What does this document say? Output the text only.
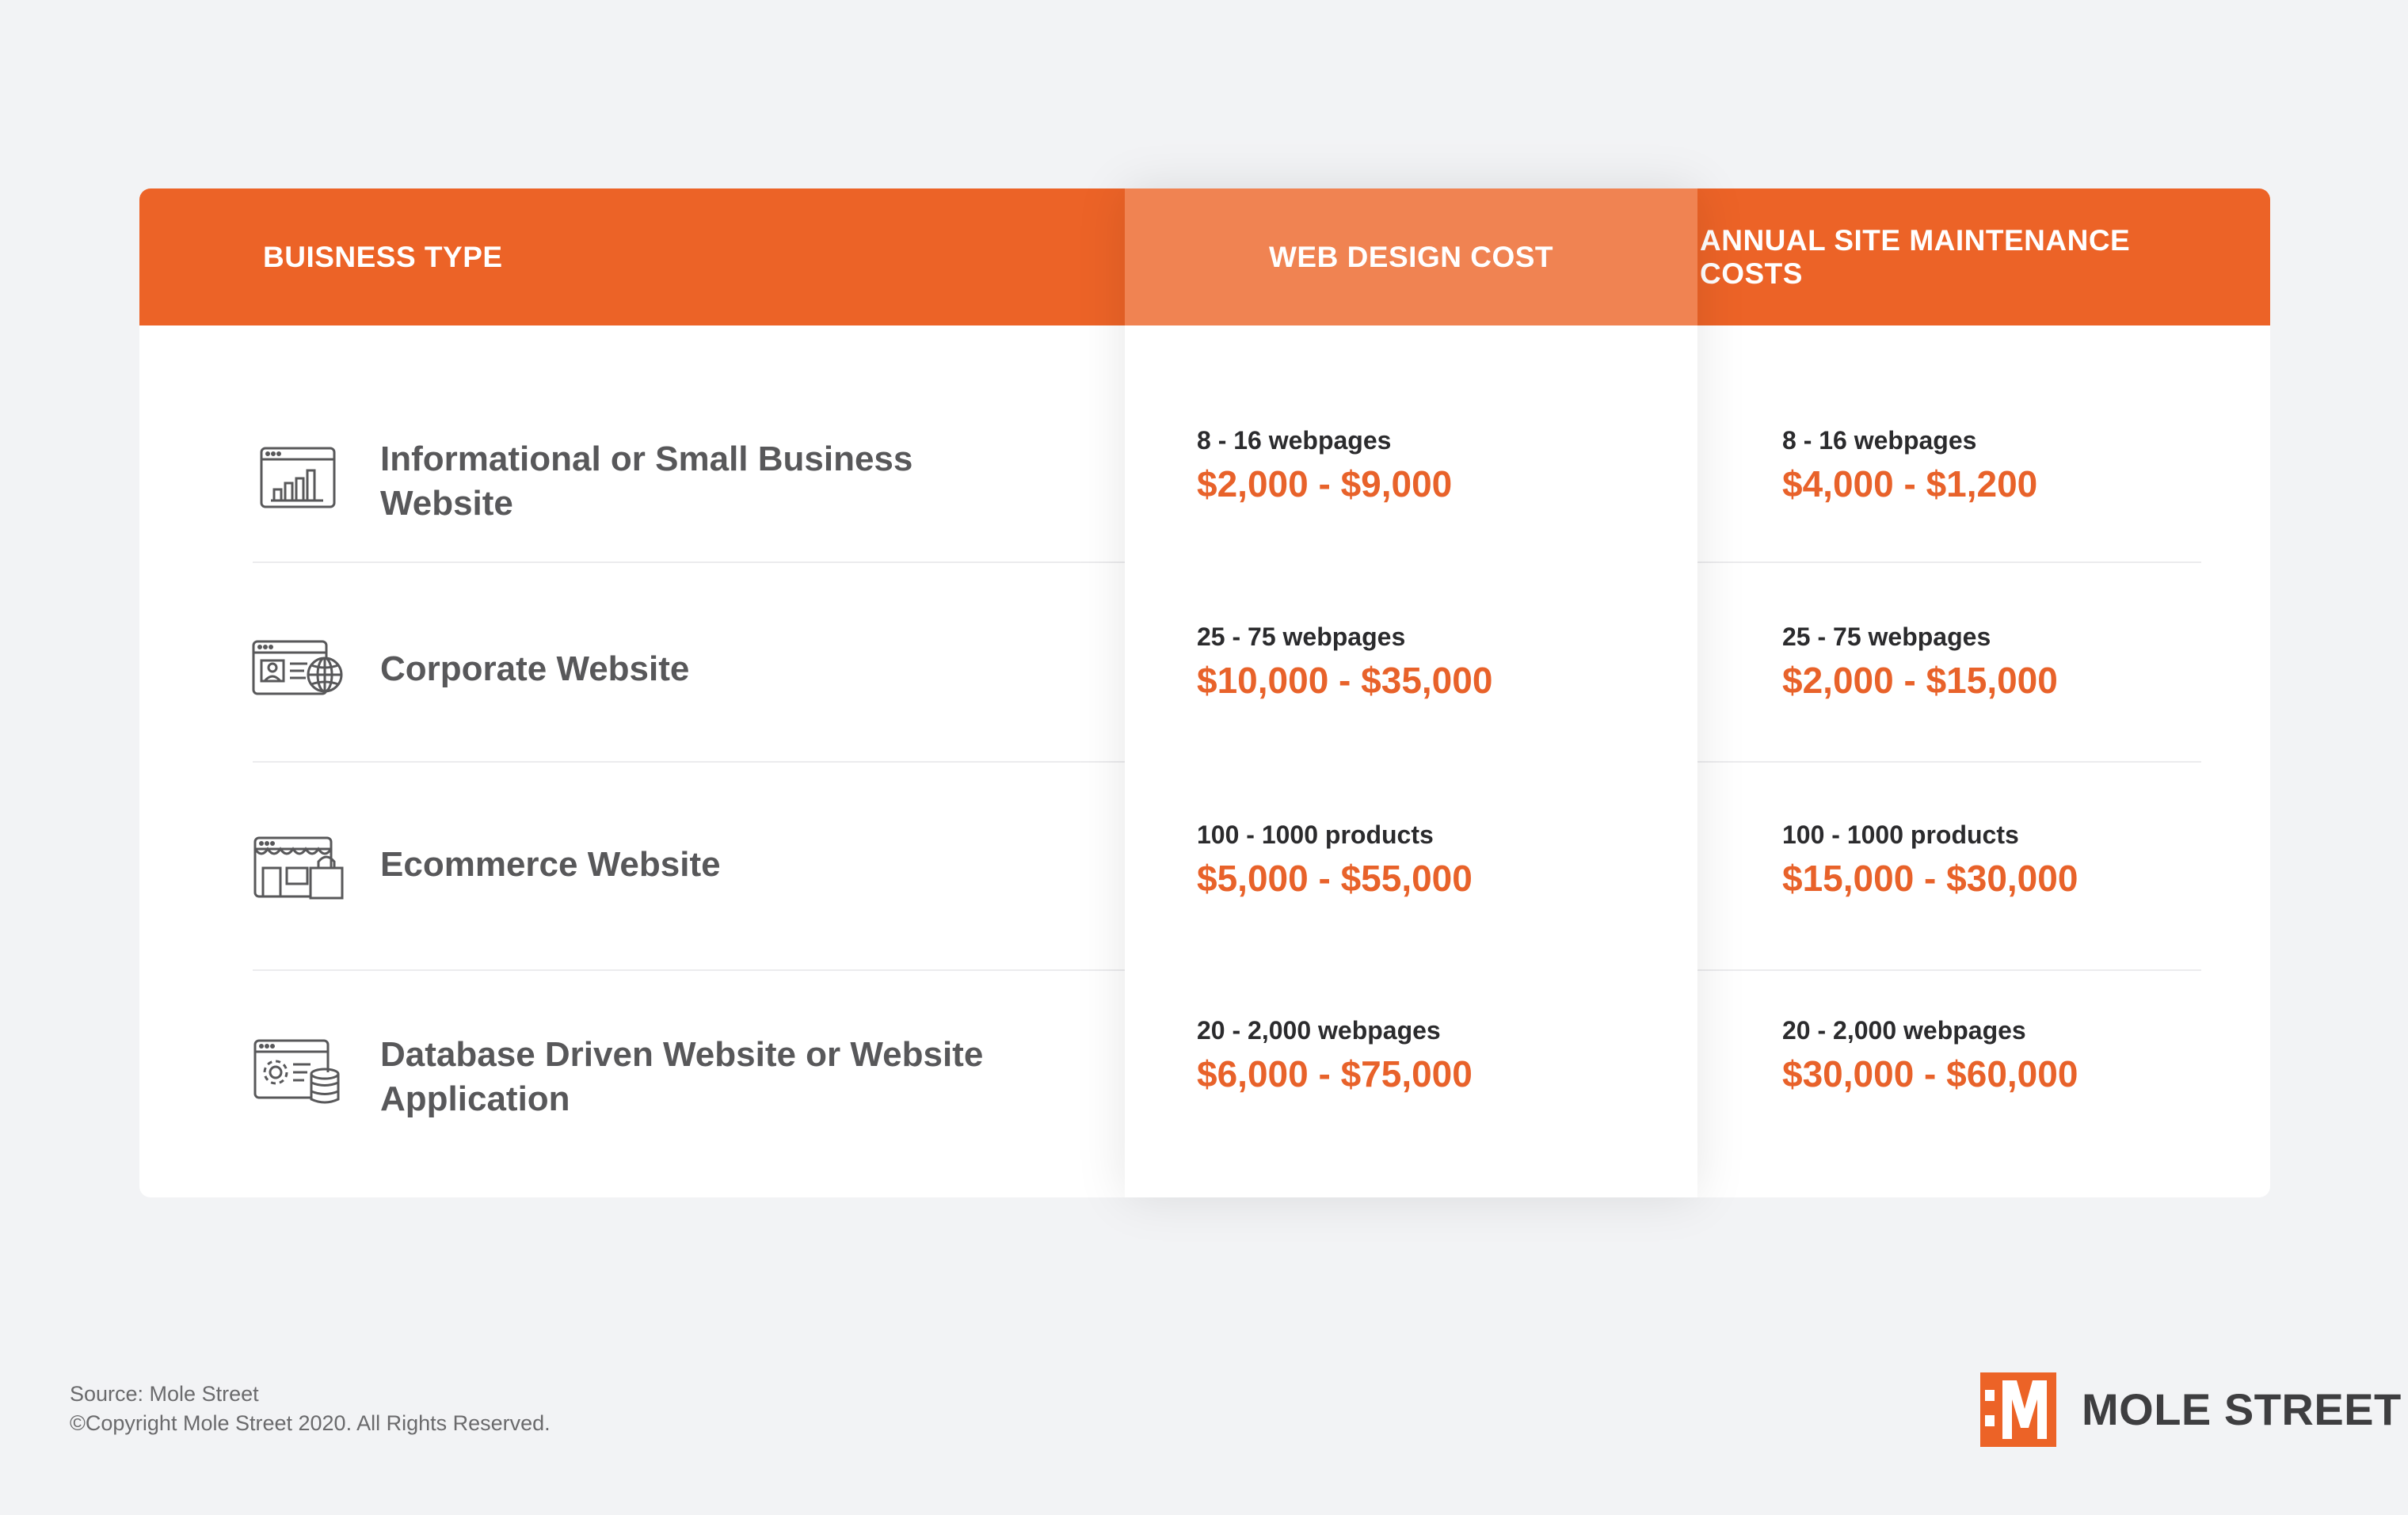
BUISNESS TYPE
ANNUAL SITE MAINTENANCE COSTS
WEB DESIGN COST
Informational or Small Business Website
8 - 16 webpages
$2,000 - $9,000
8 - 16 webpages
$4,000 - $1,200
Corporate Website
25 - 75 webpages
$10,000 - $35,000
25 - 75 webpages
$2,000 - $15,000
Ecommerce Website
100 - 1000 products
$5,000 - $55,000
100 - 1000 products
$15,000 - $30,000
Database Driven Website or Website Application
20 - 2,000 webpages
$6,000 - $75,000
20 - 2,000 webpages
$30,000 - $60,000
Source: Mole Street
©Copyright Mole Street 2020. All Rights Reserved.	MOLE STREET
